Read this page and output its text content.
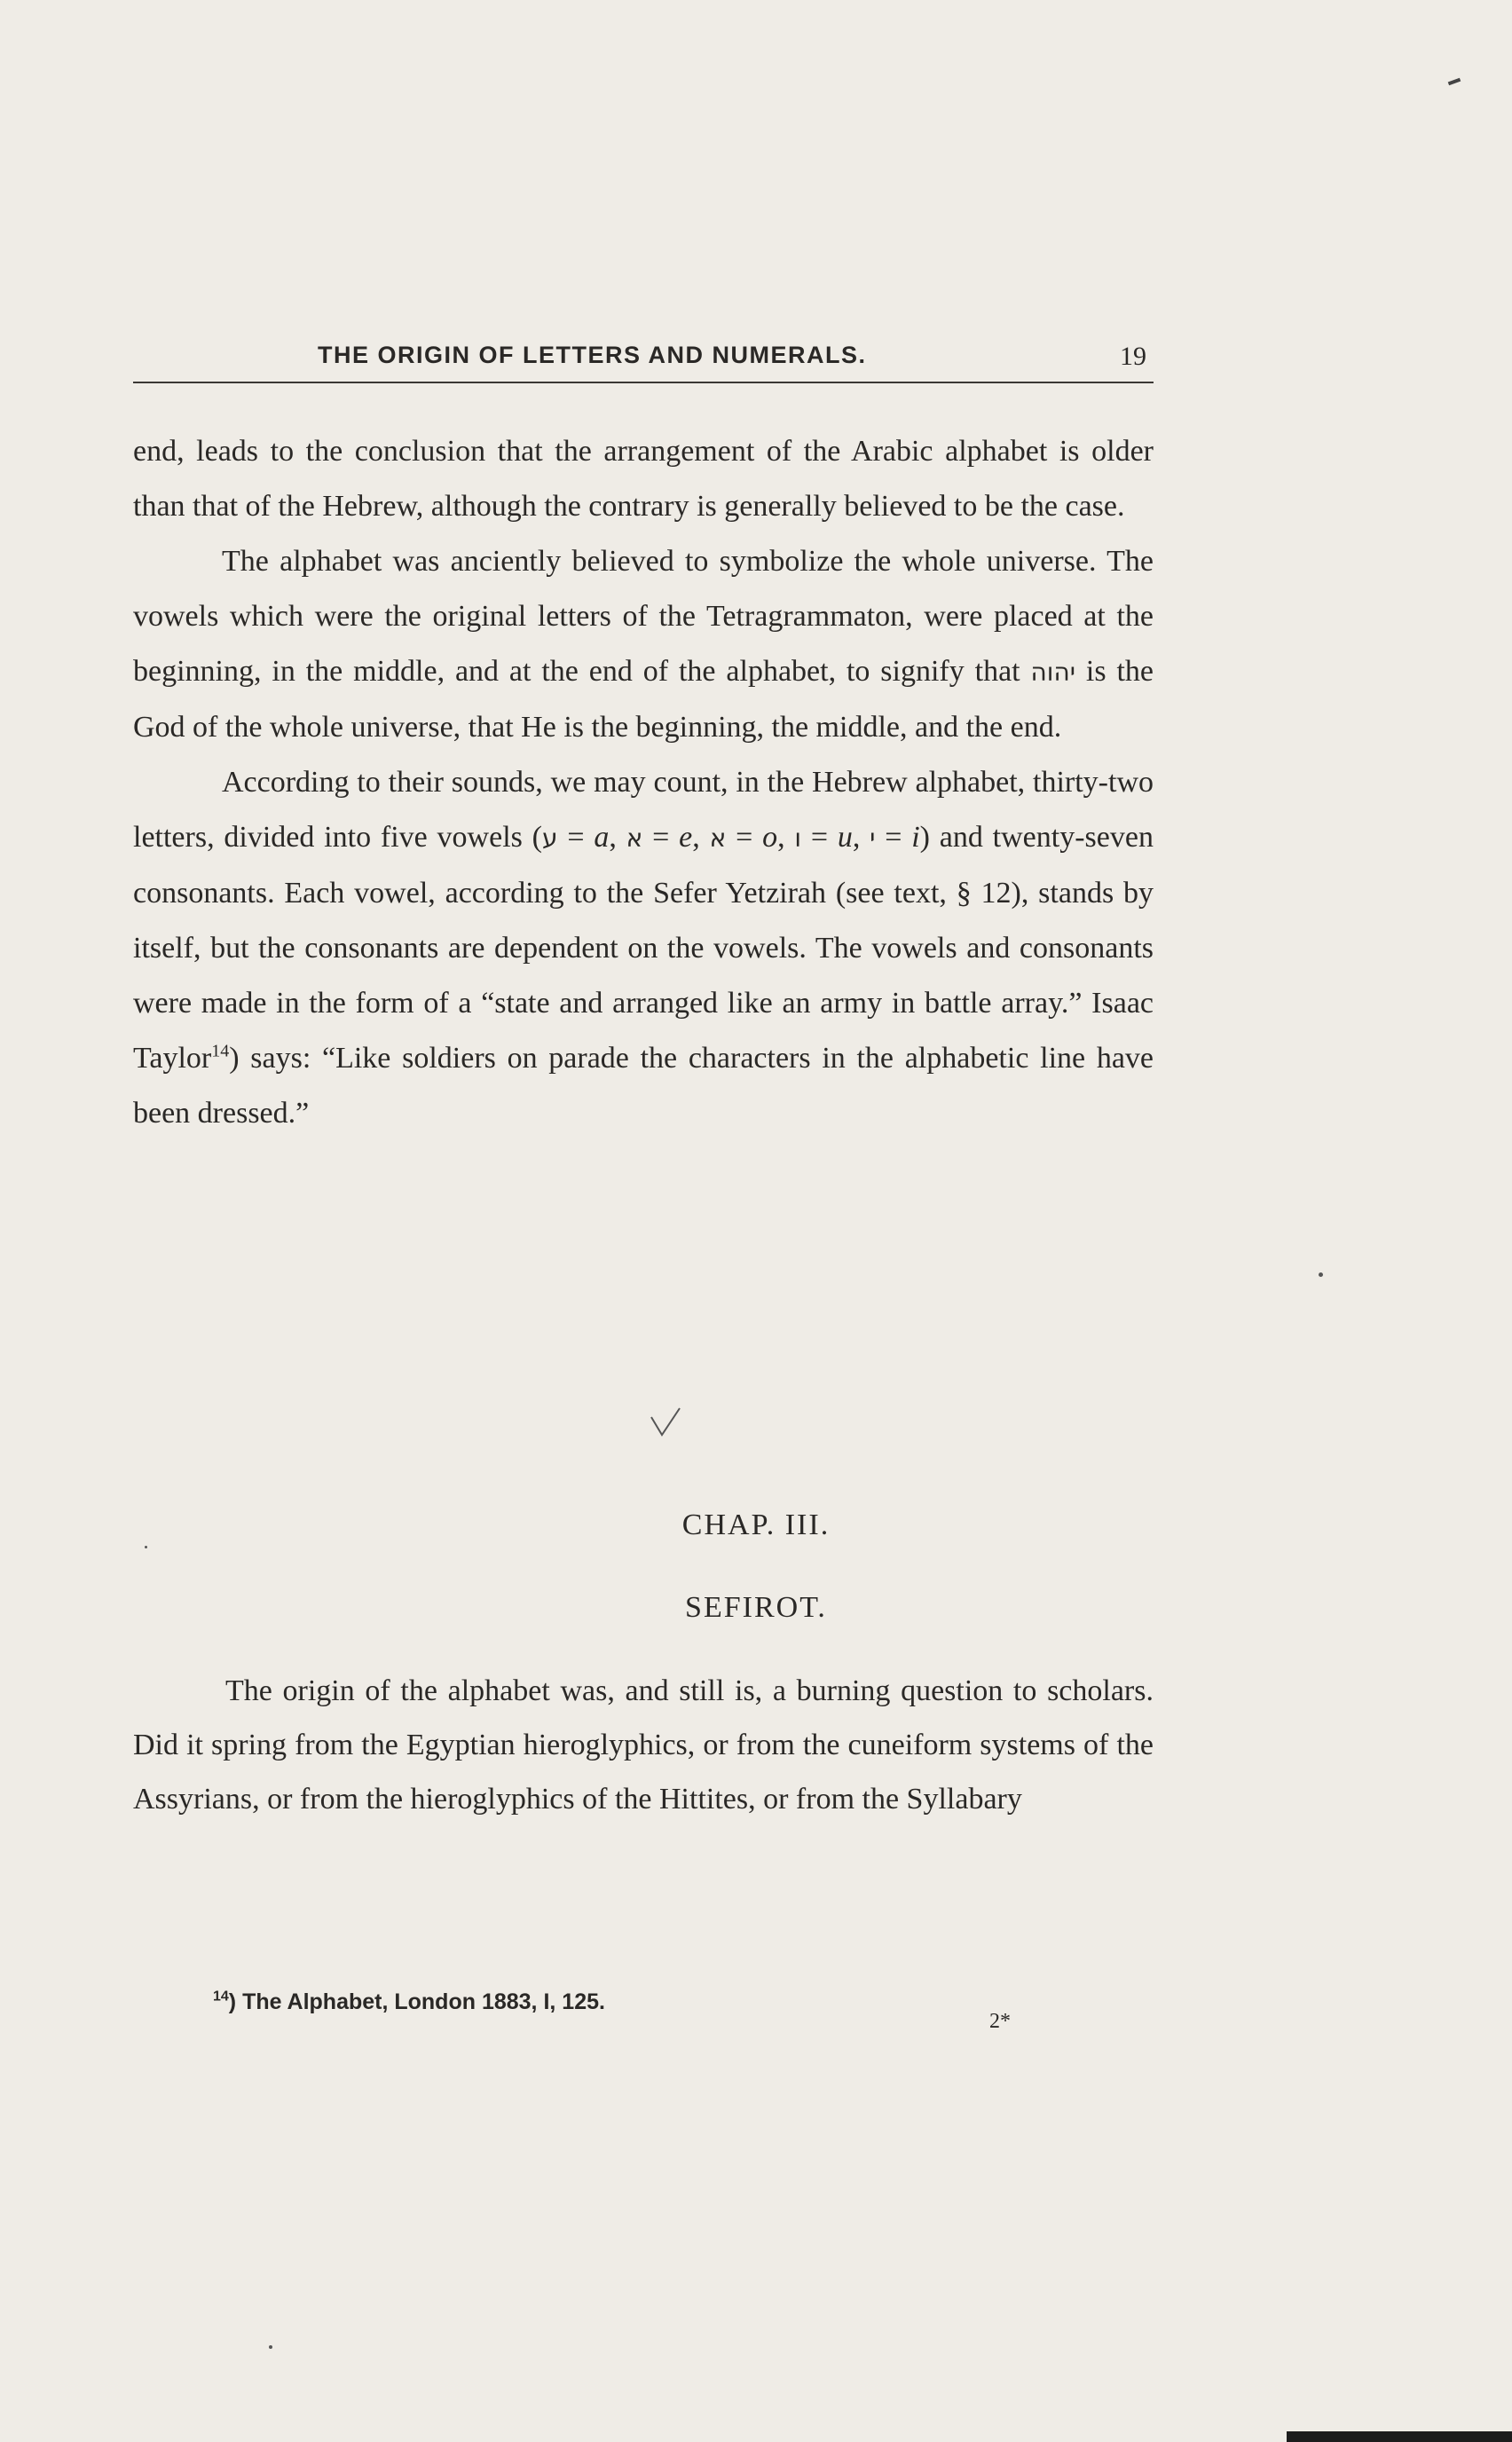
THE ORIGIN OF LETTERS AND NUMERALS.	19

end, leads to the conclusion that the arrangement of the Arabic alphabet is older than that of the Hebrew, although the contrary is generally believed to be the case.

The alphabet was anciently believed to symbolize the whole universe. The vowels which were the original letters of the Tetragrammaton, were placed at the beginning, in the middle, and at the end of the alphabet, to signify that יהוה is the God of the whole universe, that He is the beginning, the middle, and the end.

According to their sounds, we may count, in the Hebrew alphabet, thirty-two letters, divided into five vowels (ע = a, א = e, א = o, ו = u, י = i) and twenty-seven consonants. Each vowel, according to the Sefer Yetzirah (see text, § 12), stands by itself, but the consonants are dependent on the vowels. The vowels and consonants were made in the form of a “state and arranged like an army in battle array.” Isaac Taylor$^{14}$) says: “Like soldiers on parade the characters in the alphabetic line have been dressed.”

CHAP. III.
SEFIROT.

The origin of the alphabet was, and still is, a burning question to scholars. Did it spring from the Egyptian hieroglyphics, or from the cuneiform systems of the Assyrians, or from the hieroglyphics of the Hittites, or from the Syllabary

$^{14}$) The Alphabet, London 1883, I, 125.
2*
